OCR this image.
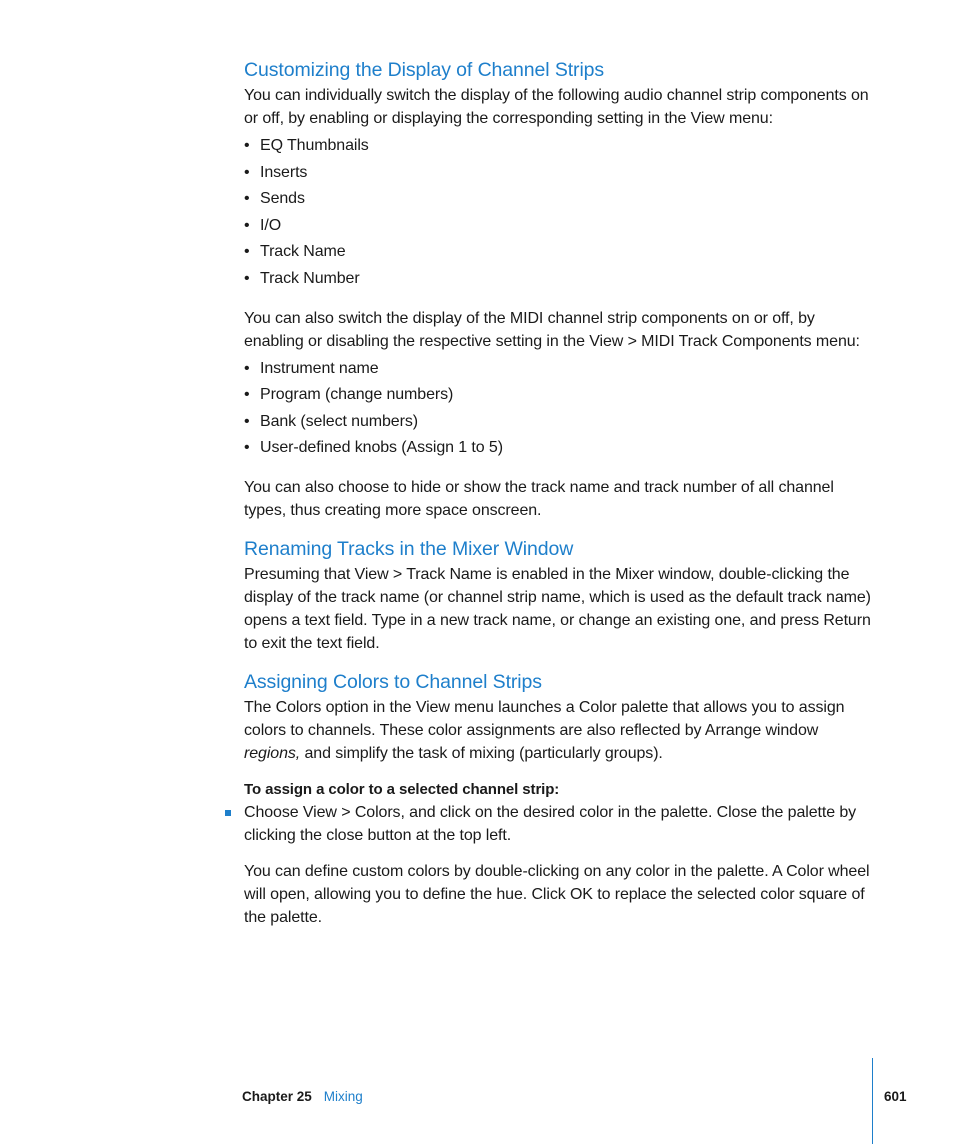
Customizing the Display of Channel Strips

You can individually switch the display of the following audio channel strip components on or off, by enabling or displaying the corresponding setting in the View menu:

• EQ Thumbnails
• Inserts
• Sends
• I/O
• Track Name
• Track Number

You can also switch the display of the MIDI channel strip components on or off, by enabling or disabling the respective setting in the View > MIDI Track Components menu:

• Instrument name
• Program (change numbers)
• Bank (select numbers)
• User-defined knobs (Assign 1 to 5)

You can also choose to hide or show the track name and track number of all channel types, thus creating more space onscreen.

Renaming Tracks in the Mixer Window

Presuming that View > Track Name is enabled in the Mixer window, double-clicking the display of the track name (or channel strip name, which is used as the default track name) opens a text field. Type in a new track name, or change an existing one, and press Return to exit the text field.

Assigning Colors to Channel Strips

The Colors option in the View menu launches a Color palette that allows you to assign colors to channels. These color assignments are also reflected by Arrange window regions, and simplify the task of mixing (particularly groups).

To assign a color to a selected channel strip:

Choose View > Colors, and click on the desired color in the palette. Close the palette by clicking the close button at the top left.

You can define custom colors by double-clicking on any color in the palette. A Color wheel will open, allowing you to define the hue. Click OK to replace the selected color square of the palette.

Chapter 25 Mixing	601
